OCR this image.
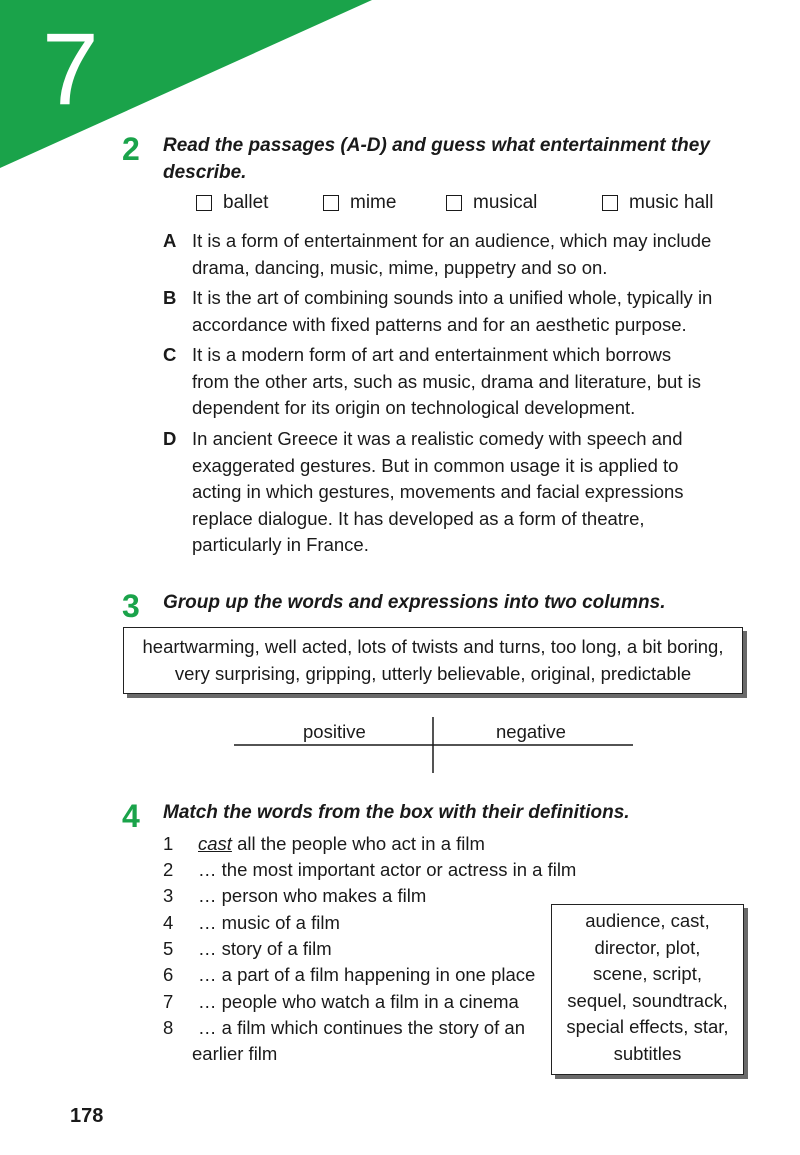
7
2 Read the passages (A-D) and guess what entertainment they
describe.
ballet	mime	musical	music hall
A It is a form of entertainment for an audience, which may include
drama, dancing, music, mime, puppetry and so on.
B It is the art of combining sounds into a unified whole, typically in
accordance with fixed patterns and for an aesthetic purpose.
C It is a modern form of art and entertainment which borrows
from the other arts, such as music, drama and literature, but is
dependent for its origin on technological development.
D In ancient Greece it was a realistic comedy with speech and
exaggerated gestures. But in common usage it is applied to
acting in which gestures, movements and facial expressions
replace dialogue. It has developed as a form of theatre,
particularly in France.
3 Group up the words and expressions into two columns.
heartwarming, well acted, lots of twists and turns, too long, a bit boring,
very surprising, gripping, utterly believable, original, predictable
positive	negative
4 Match the words from the box with their definitions.
1 cast all the people who act in a film
2 … the most important actor or actress in a film
3 … person who makes a film
4 … music of a film
5 … story of a film
6 … a part of a film happening in one place
7 … people who watch a film in a cinema
8 … a film which continues the story of an
earlier film
audience, cast,
director, plot,
scene, script,
sequel, soundtrack,
special effects, star,
subtitles
178
